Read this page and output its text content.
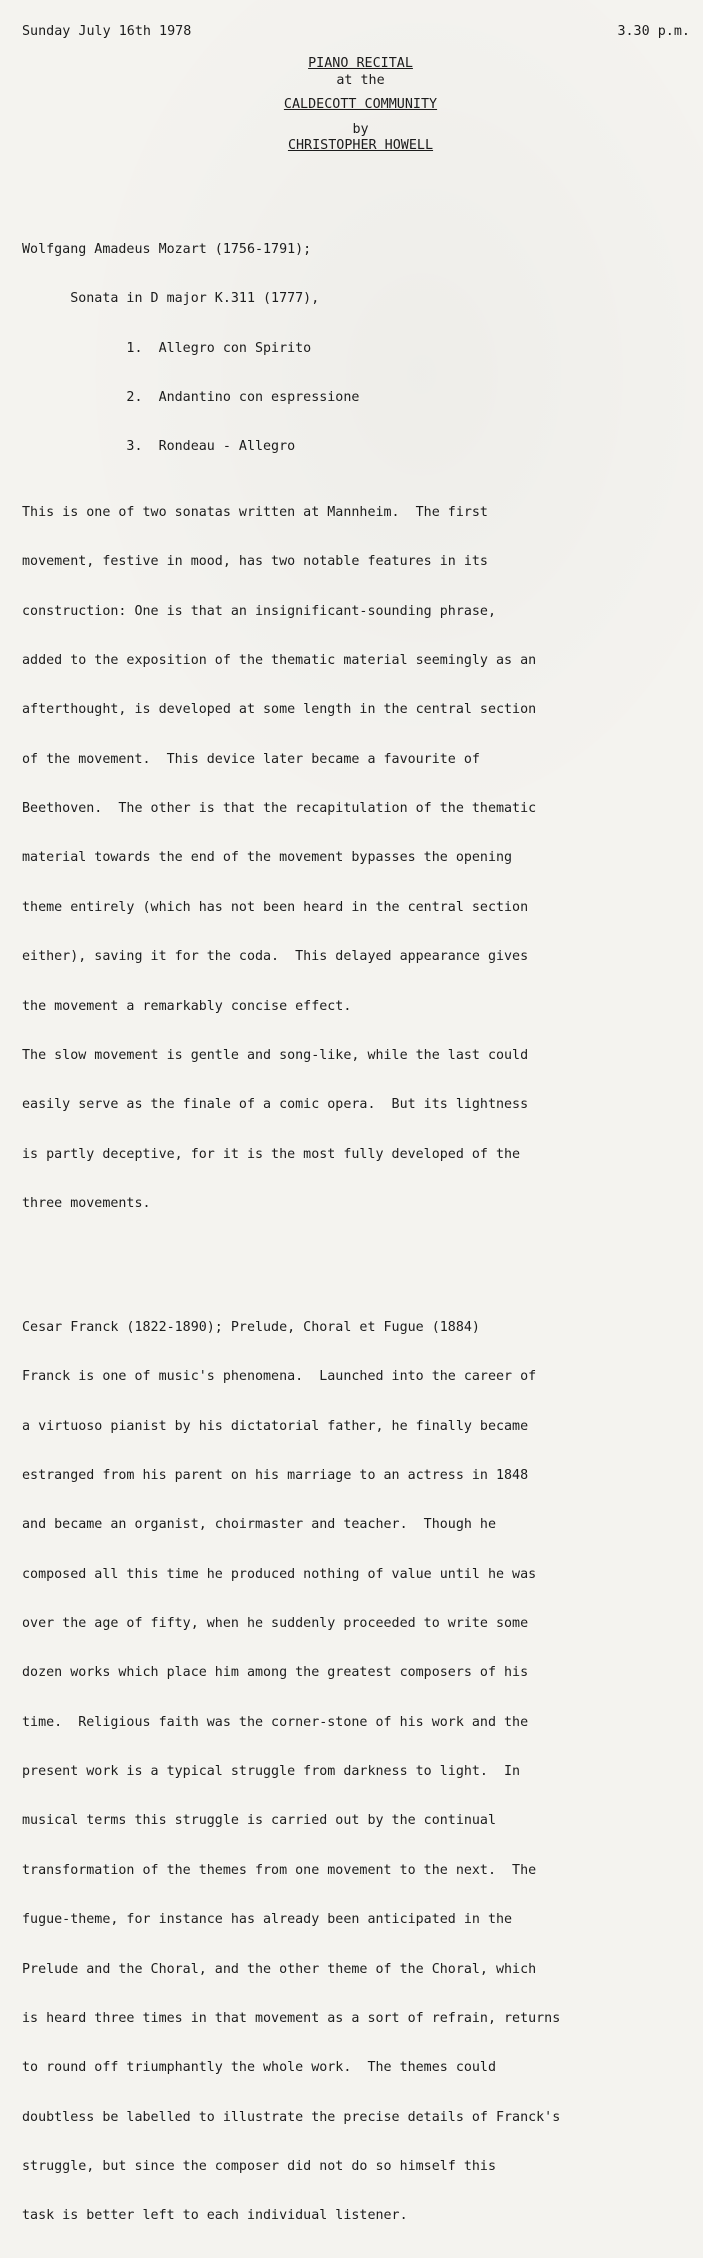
Sunday July 16th 1978	3.30 p.m.
PIANO RECITAL
at the
CALDECOTT COMMUNITY
by
CHRISTOPHER HOWELL

Wolfgang Amadeus Mozart (1756-1791);

Sonata in D major K.311 (1777),

1.  Allegro con Spirito

2.  Andantino con espressione

3.  Rondeau - Allegro

This is one of two sonatas written at Mannheim.  The first

movement, festive in mood, has two notable features in its

construction: One is that an insignificant-sounding phrase,

added to the exposition of the thematic material seemingly as an

afterthought, is developed at some length in the central section

of the movement.  This device later became a favourite of

Beethoven.  The other is that the recapitulation of the thematic

material towards the end of the movement bypasses the opening

theme entirely (which has not been heard in the central section

either), saving it for the coda.  This delayed appearance gives

the movement a remarkably concise effect.

The slow movement is gentle and song-like, while the last could

easily serve as the finale of a comic opera.  But its lightness

is partly deceptive, for it is the most fully developed of the

three movements.

Cesar Franck (1822-1890); Prelude, Choral et Fugue (1884)

Franck is one of music's phenomena.  Launched into the career of

a virtuoso pianist by his dictatorial father, he finally became

estranged from his parent on his marriage to an actress in 1848

and became an organist, choirmaster and teacher.  Though he

composed all this time he produced nothing of value until he was

over the age of fifty, when he suddenly proceeded to write some

dozen works which place him among the greatest composers of his

time.  Religious faith was the corner-stone of his work and the

present work is a typical struggle from darkness to light.  In

musical terms this struggle is carried out by the continual

transformation of the themes from one movement to the next.  The

fugue-theme, for instance has already been anticipated in the

Prelude and the Choral, and the other theme of the Choral, which

is heard three times in that movement as a sort of refrain, returns

to round off triumphantly the whole work.  The themes could

doubtless be labelled to illustrate the precise details of Franck's

struggle, but since the composer did not do so himself this

task is better left to each individual listener.
